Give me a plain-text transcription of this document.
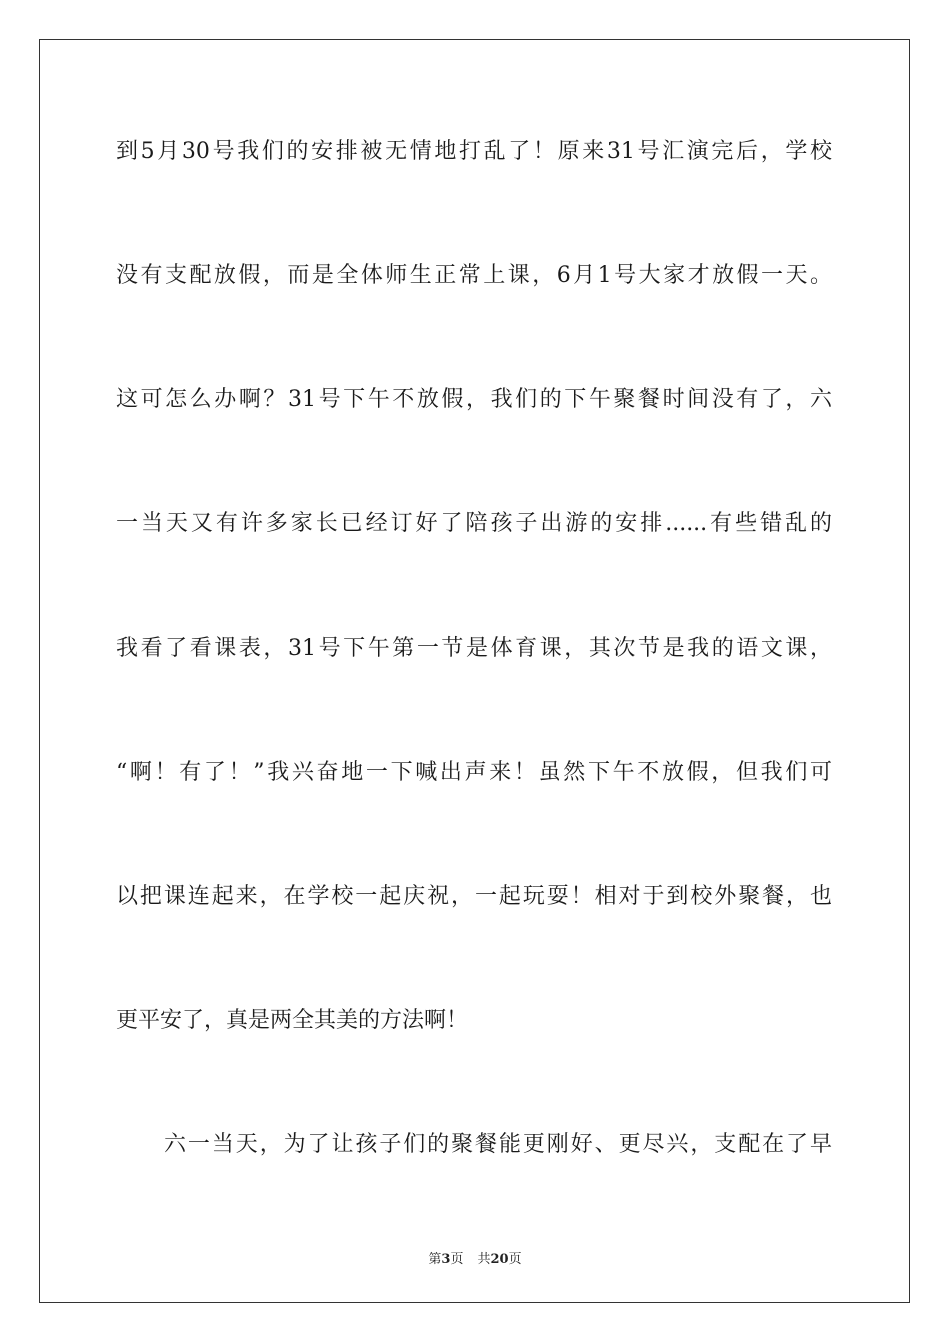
到5月30号我们的安排被无情地打乱了！原来31号汇演完后，学校
没有支配放假，而是全体师生正常上课，6月1号大家才放假一天。
这可怎么办啊？31号下午不放假，我们的下午聚餐时间没有了，六
一当天又有许多家长已经订好了陪孩子出游的安排......有些错乱的
我看了看课表，31号下午第一节是体育课，其次节是我的语文课，
“啊！有了！”我兴奋地一下喊出声来！虽然下午不放假，但我们可
以把课连起来，在学校一起庆祝，一起玩耍！相对于到校外聚餐，也
更平安了，真是两全其美的方法啊！
六一当天，为了让孩子们的聚餐能更刚好、更尽兴，支配在了早
第3页 共20页
